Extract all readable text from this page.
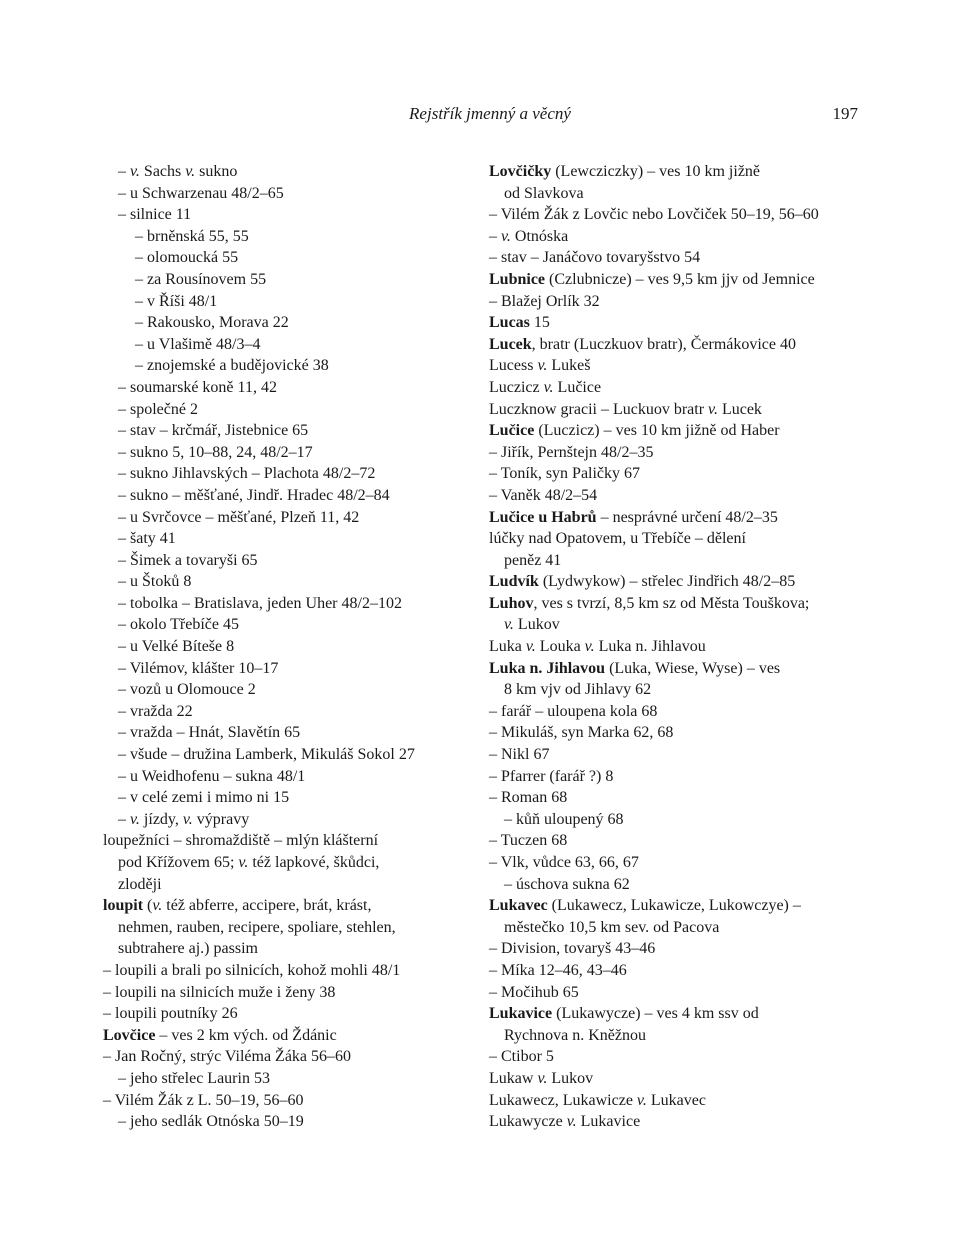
Rejstřík jmenný a věcný	197
– v. Sachs v. sukno
– u Schwarzenau 48/2–65
– silnice 11
– brněnská 55, 55
– olomoucká 55
– za Rousínovem 55
– v Říši 48/1
– Rakousko, Morava 22
– u Vlašimě 48/3–4
– znojemské a budějovické 38
– soumarské koně 11, 42
– společné 2
– stav – krčmář, Jistebnice 65
– sukno 5, 10–88, 24, 48/2–17
– sukno Jihlavských – Plachota 48/2–72
– sukno – měšťané, Jindř. Hradec 48/2–84
– u Svrčovce – měšťané, Plzeň 11, 42
– šaty 41
– Šimek a tovaryši 65
– u Štoků 8
– tobolka – Bratislava, jeden Uher 48/2–102
– okolo Třebíče 45
– u Velké Bíteše 8
– Vilémov, klášter 10–17
– vozů u Olomouce 2
– vražda 22
– vražda – Hnát, Slavětín 65
– všude – družina Lamberk, Mikuláš Sokol 27
– u Weidhofenu – sukna 48/1
– v celé zemi i mimo ni 15
– v. jízdy, v. výpravy
loupežníci – shromaždiště – mlýn klášterní
pod Křížovem 65; v. též lapkové, škůdci,
zloději
loupit (v. též abferre, accipere, brát, krást,
nehmen, rauben, recipere, spoliare, stehlen,
subtrahere aj.) passim
– loupili a brali po silnicích, kohož mohli 48/1
– loupili na silnicích muže i ženy 38
– loupili poutníky 26
Lovčice – ves 2 km vých. od Ždánic
– Jan Ročný, strýc Viléma Žáka 56–60
– jeho střelec Laurin 53
– Vilém Žák z L. 50–19, 56–60
– jeho sedlák Otnóska 50–19
Lovčičky (Lewcziczky) – ves 10 km jižně
od Slavkova
– Vilém Žák z Lovčic nebo Lovčiček 50–19, 56–60
– v. Otnóska
– stav – Janáčovo tovaryšstvo 54
Lubnice (Czlubnicze) – ves 9,5 km jjv od Jemnice
– Blažej Orlík 32
Lucas 15
Lucek, bratr (Luczkuov bratr), Čermákovice 40
Lucess v. Lukeš
Luczicz v. Lučice
Luczknow gracii – Luckuov bratr v. Lucek
Lučice (Luczicz) – ves 10 km jižně od Haber
– Jiřík, Pernštejn 48/2–35
– Toník, syn Paličky 67
– Vaněk 48/2–54
Lučice u Habrů – nesprávné určení 48/2–35
lúčky nad Opatovem, u Třebíče – dělení
peněz 41
Ludvík (Lydwykow) – střelec Jindřich 48/2–85
Luhov, ves s tvrzí, 8,5 km sz od Města Touškova;
v. Lukov
Luka v. Louka v. Luka n. Jihlavou
Luka n. Jihlavou (Luka, Wiese, Wyse) – ves
8 km vjv od Jihlavy 62
– farář – uloupena kola 68
– Mikuláš, syn Marka 62, 68
– Nikl 67
– Pfarrer (farář ?) 8
– Roman 68
– kůň uloupený 68
– Tuczen 68
– Vlk, vůdce 63, 66, 67
– úschova sukna 62
Lukavec (Lukawecz, Lukawicze, Lukowczye) –
městečko 10,5 km sev. od Pacova
– Division, tovaryš 43–46
– Míka 12–46, 43–46
– Močihub 65
Lukavice (Lukawycze) – ves 4 km ssv od
Rychnova n. Kněžnou
– Ctibor 5
Lukaw v. Lukov
Lukawecz, Lukawicze v. Lukavec
Lukawycze v. Lukavice
